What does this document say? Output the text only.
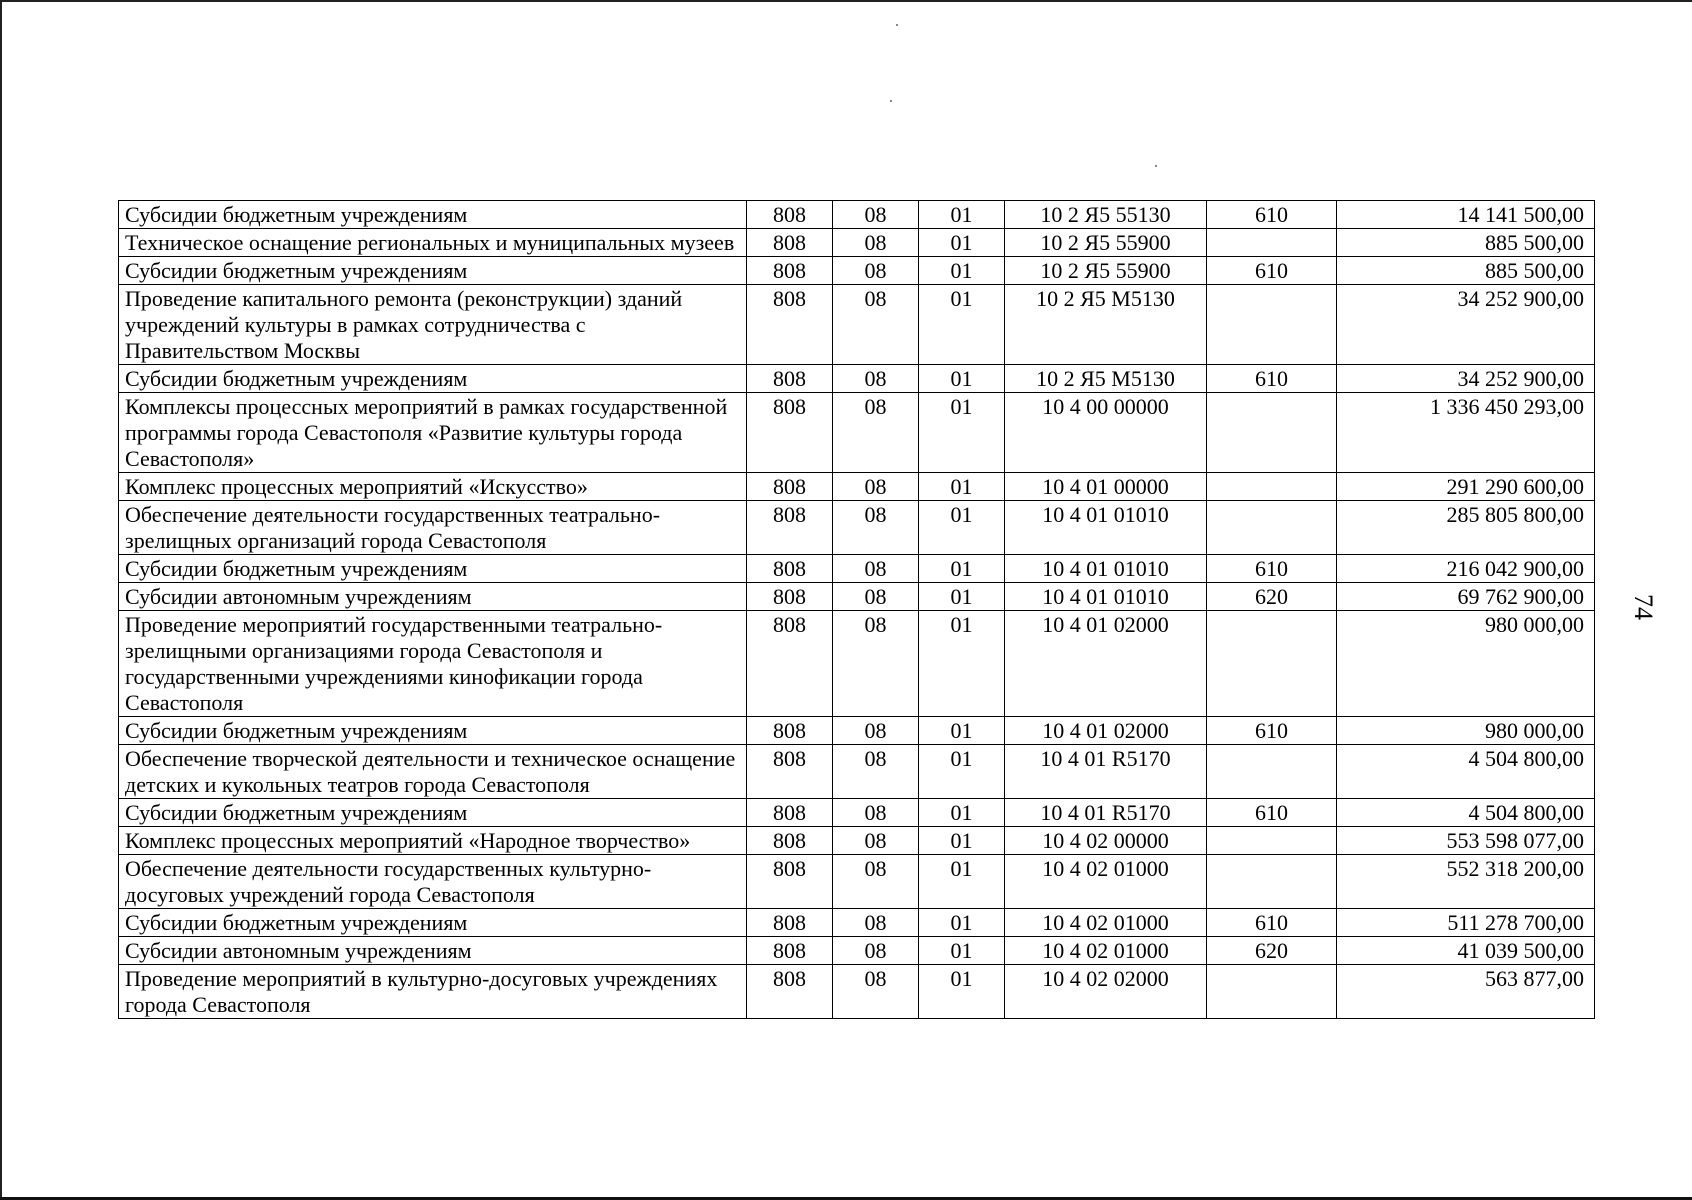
Субсидии бюджетным учреждениям	808	08	01	10 2 Я5 55130	610	14 141 500,00
Техническое оснащение региональных и муниципальных музеев	808	08	01	10 2 Я5 55900		885 500,00
Субсидии бюджетным учреждениям	808	08	01	10 2 Я5 55900	610	885 500,00
Проведение капитального ремонта (реконструкции) зданий учреждений культуры в рамках сотрудничества с Правительством Москвы	808	08	01	10 2 Я5 М5130		34 252 900,00
Субсидии бюджетным учреждениям	808	08	01	10 2 Я5 М5130	610	34 252 900,00
Комплексы процессных мероприятий в рамках государственной программы города Севастополя «Развитие культуры города Севастополя»	808	08	01	10 4 00 00000		1 336 450 293,00
Комплекс процессных мероприятий «Искусство»	808	08	01	10 4 01 00000		291 290 600,00
Обеспечение деятельности государственных театрально-зрелищных организаций города Севастополя	808	08	01	10 4 01 01010		285 805 800,00
Субсидии бюджетным учреждениям	808	08	01	10 4 01 01010	610	216 042 900,00
Субсидии автономным учреждениям	808	08	01	10 4 01 01010	620	69 762 900,00
Проведение мероприятий государственными театрально-зрелищными организациями города Севастополя и государственными учреждениями кинофикации города Севастополя	808	08	01	10 4 01 02000		980 000,00
Субсидии бюджетным учреждениям	808	08	01	10 4 01 02000	610	980 000,00
Обеспечение творческой деятельности и техническое оснащение детских и кукольных театров города Севастополя	808	08	01	10 4 01 R5170		4 504 800,00
Субсидии бюджетным учреждениям	808	08	01	10 4 01 R5170	610	4 504 800,00
Комплекс процессных мероприятий «Народное творчество»	808	08	01	10 4 02 00000		553 598 077,00
Обеспечение деятельности государственных культурно-досуговых учреждений города Севастополя	808	08	01	10 4 02 01000		552 318 200,00
Субсидии бюджетным учреждениям	808	08	01	10 4 02 01000	610	511 278 700,00
Субсидии автономным учреждениям	808	08	01	10 4 02 01000	620	41 039 500,00
Проведение мероприятий в культурно-досуговых учреждениях города Севастополя	808	08	01	10 4 02 02000		563 877,00
74
